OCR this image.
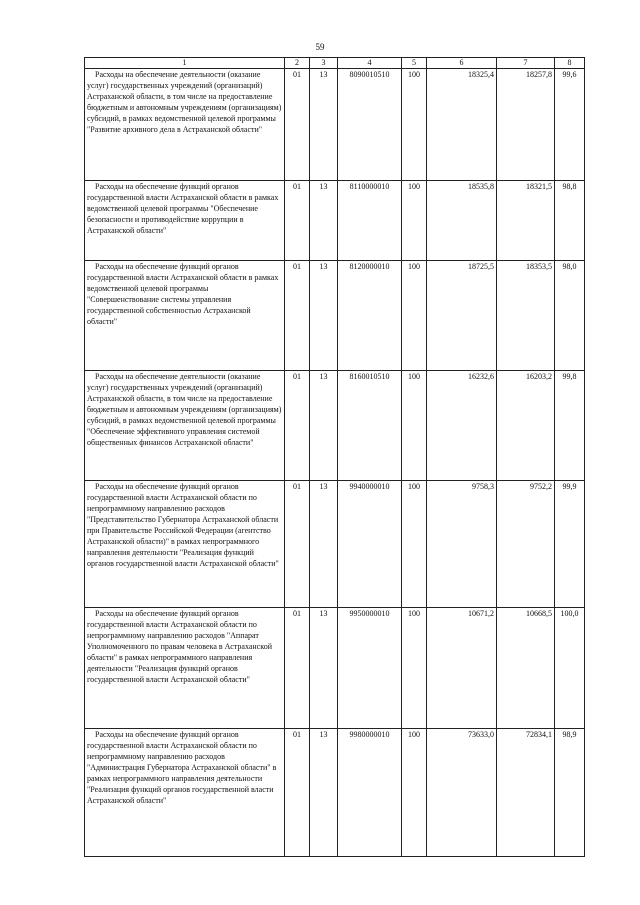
59
1	2	3	4	5	6	7	8
Расходы на обеспечение деятельности (оказание услуг) государственных учреждений (организаций) Астраханской области, в том числе на предоставление бюджетным и автономным учреждениям (организациям) субсидий, в рамках ведомственной целевой программы "Развитие архивного дела в Астраханской области"	01	13	8090010510	100	18325,4	18257,8	99,6
Расходы на обеспечение функций органов государственной власти Астраханской области в рамках ведомственной целевой программы "Обеспечение безопасности и противодействие коррупции в Астраханской области"	01	13	8110000010	100	18535,8	18321,5	98,8
Расходы на обеспечение функций органов государственной власти Астраханской области в рамках ведомственной целевой программы "Совершенствование системы управления государственной собственностью Астраханской области"	01	13	8120000010	100	18725,5	18353,5	98,0
Расходы на обеспечение деятельности (оказание услуг) государственных учреждений (организаций) Астраханской области, в том числе на предоставление бюджетным и автономным учреждениям (организациям) субсидий, в рамках ведомственной целевой программы "Обеспечение эффективного управления системой общественных финансов Астраханской области"	01	13	8160010510	100	16232,6	16203,2	99,8
Расходы на обеспечение функций органов государственной власти Астраханской области по непрограммному направлению расходов "Представительство Губернатора Астраханской области при Правительстве Российской Федерации (агентство Астраханской области)" в рамках непрограммного направления деятельности "Реализация функций органов государственной власти Астраханской области"	01	13	9940000010	100	9758,3	9752,2	99,9
Расходы на обеспечение функций органов государственной власти Астраханской области по непрограммному направлению расходов "Аппарат Уполномоченного по правам человека в Астраханской области" в рамках непрограммного направления деятельности "Реализация функций органов государственной власти Астраханской области"	01	13	9950000010	100	10671,2	10668,5	100,0
Расходы на обеспечение функций органов государственной власти Астраханской области по непрограммному направлению расходов "Администрация Губернатора Астраханской области" в рамках непрограммного направления деятельности "Реализация функций органов государственной власти Астраханской области"	01	13	9980000010	100	73633,0	72834,1	98,9
